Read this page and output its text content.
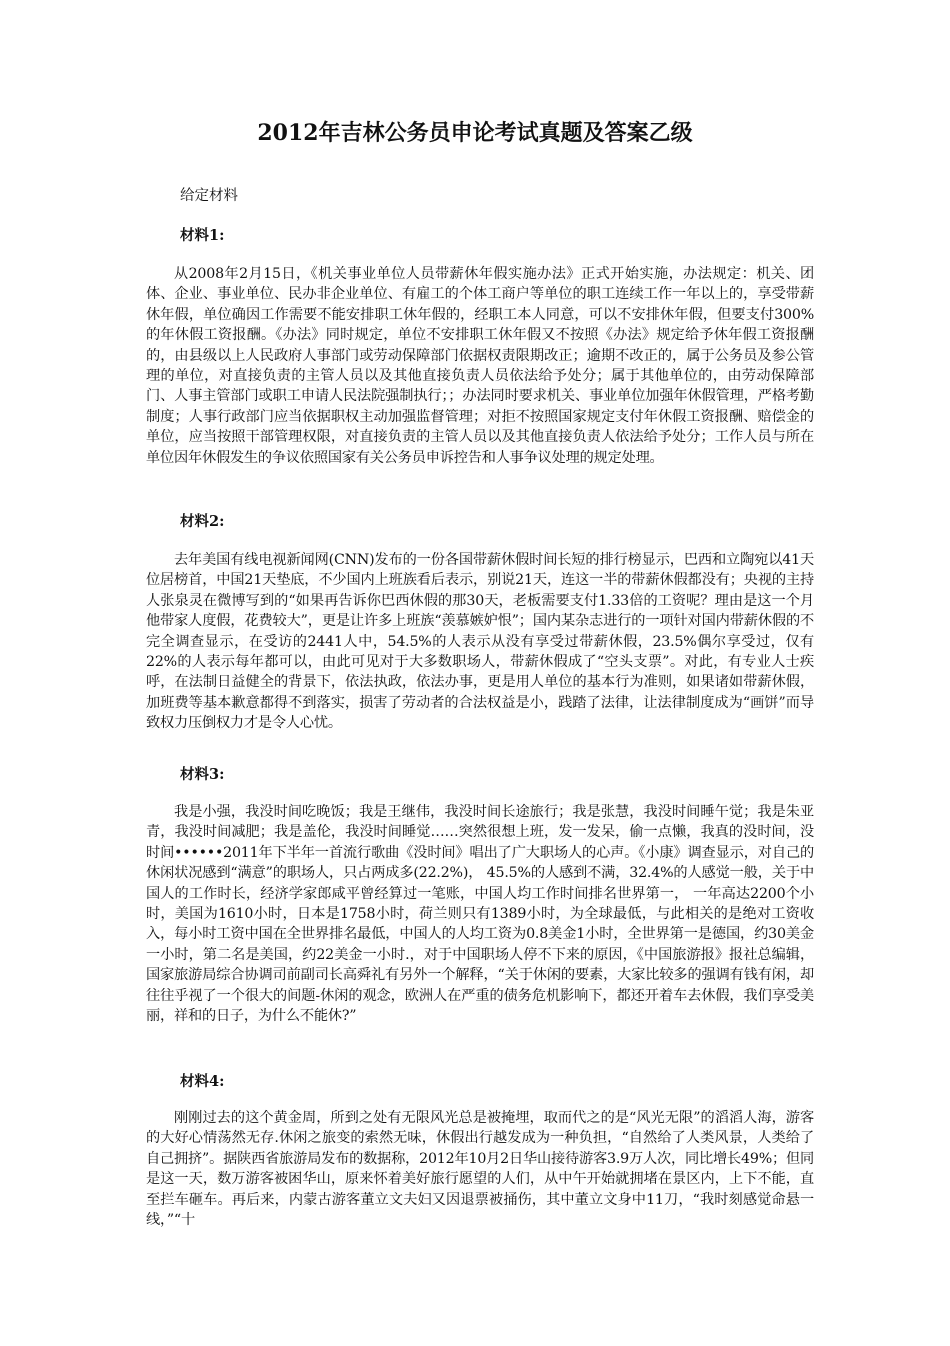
2012年吉林公务员申论考试真题及答案乙级

给定材料

材料1:

从2008年2月15日，《机关事业单位人员带薪休年假实施办法》正式开始实施，办法规定：机关、团体、企业、事业单位、民办非企业单位、有雇工的个体工商户等单位的职工连续工作一年以上的，享受带薪休年假，单位确因工作需要不能安排职工休年假的，经职工本人同意，可以不安排休年假，但要支付300%的年休假工资报酬。《办法》同时规定，单位不安排职工休年假又不按照《办法》规定给予休年假工资报酬的，由县级以上人民政府人事部门或劳动保障部门依据权责限期改正；逾期不改正的，属于公务员及参公管理的单位，对直接负责的主管人员以及其他直接负责人员依法给予处分；属于其他单位的，由劳动保障部门、人事主管部门或职工申请人民法院强制执行；；办法同时要求机关、事业单位加强年休假管理，严格考勤制度；人事行政部门应当依据职权主动加强监督管理；对拒不按照国家规定支付年休假工资报酬、赔偿金的单位，应当按照干部管理权限，对直接负责的主管人员以及其他直接负责人依法给予处分；工作人员与所在单位因年休假发生的争议依照国家有关公务员申诉控告和人事争议处理的规定处理。

材料2:

去年美国有线电视新闻网(CNN)发布的一份各国带薪休假时间长短的排行榜显示，巴西和立陶宛以41天位居榜首，中国21天垫底，不少国内上班族看后表示，别说21天，连这一半的带薪休假都没有；央视的主持人张泉灵在微博写到的“如果再告诉你巴西休假的那30天，老板需要支付1.33倍的工资呢？理由是这一个月他带家人度假，花费较大”，更是让许多上班族“羡慕嫉妒恨”；国内某杂志进行的一项针对国内带薪休假的不完全调查显示，在受访的2441人中，54.5%的人表示从没有享受过带薪休假，23.5%偶尔享受过，仅有22%的人表示每年都可以，由此可见对于大多数职场人，带薪休假成了“空头支票”。对此，有专业人士疾呼，在法制日益健全的背景下，依法执政，依法办事，更是用人单位的基本行为准则，如果诸如带薪休假，加班费等基本歉意都得不到落实，损害了劳动者的合法权益是小，践踏了法律，让法律制度成为“画饼”而导致权力压倒权力才是令人心忧。

材料3:

我是小强，我没时间吃晚饭；我是王继伟，我没时间长途旅行；我是张慧，我没时间睡午觉；我是朱亚青，我没时间减肥；我是盖伦，我没时间睡觉……突然很想上班，发一发呆，偷一点懒，我真的没时间，没时间••••••2011年下半年一首流行歌曲《没时间》唱出了广大职场人的心声。《小康》调查显示，对自己的休闲状况感到“满意”的职场人，只占两成多(22.2%)， 45.5%的人感到不满，32.4%的人感觉一般，关于中国人的工作时长，经济学家郎咸平曾经算过一笔账，中国人均工作时间排名世界第一， 一年高达2200个小时，美国为1610小时，日本是1758小时，荷兰则只有1389小时，为全球最低，与此相关的是绝对工资收入，每小时工资中国在全世界排名最低，中国人的人均工资为0.8美金1小时，全世界第一是德国，约30美金一小时，第二名是美国，约22美金一小时.，对于中国职场人停不下来的原因，《中国旅游报》报社总编辑，国家旅游局综合协调司前副司长高舜礼有另外一个解释，“关于休闲的要素，大家比较多的强调有钱有闲，却往往乎视了一个很大的间题-休闲的观念，欧洲人在严重的债务危机影响下，都还开着车去休假，我们享受美丽，祥和的日子，为什么不能休?”

材料4:

刚刚过去的这个黄金周，所到之处有无限风光总是被掩埋，取而代之的是“风光无限”的滔滔人海，游客的大好心情荡然无存.休闲之旅变的索然无味，休假出行越发成为一种负担，“自然给了人类风景，人类给了自己拥挤”。据陕西省旅游局发布的数据称，2012年10月2日华山接待游客3.9万人次，同比增长49%；但同是这一天，数万游客被困华山，原来怀着美好旅行愿望的人们，从中午开始就拥堵在景区内，上下不能，直至拦车砸车。再后来，内蒙古游客董立文夫妇又因退票被捅伤，其中董立文身中11刀，“我时刻感觉命悬一线，”“十
